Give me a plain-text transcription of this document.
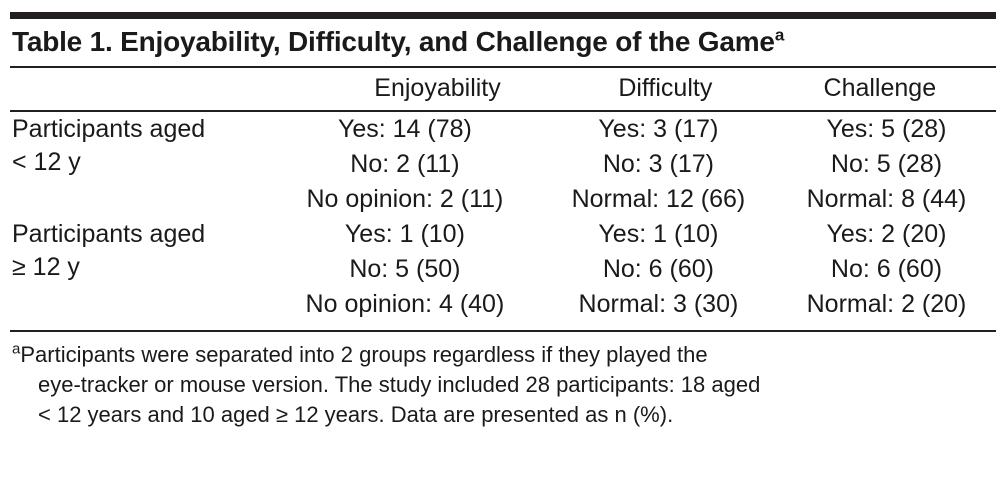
Table 1. Enjoyability, Difficulty, and Challenge of the Game$^a$
	Enjoyability	Difficulty	Challenge
Participants aged
< 12 y	Yes: 14 (78)	Yes: 3 (17)	Yes: 5 (28)
	No: 2 (11)	No: 3 (17)	No: 5 (28)
	No opinion: 2 (11)	Normal: 12 (66)	Normal: 8 (44)

Participants aged
≥ 12 y	Yes: 1 (10)	Yes: 1 (10)	Yes: 2 (20)
	No: 5 (50)	No: 6 (60)	No: 6 (60)
	No opinion: 4 (40)	Normal: 3 (30)	Normal: 2 (20)
$^a$Participants were separated into 2 groups regardless if they played the
eye-tracker or mouse version. The study included 28 participants: 18 aged
< 12 years and 10 aged ≥ 12 years. Data are presented as n (%).
